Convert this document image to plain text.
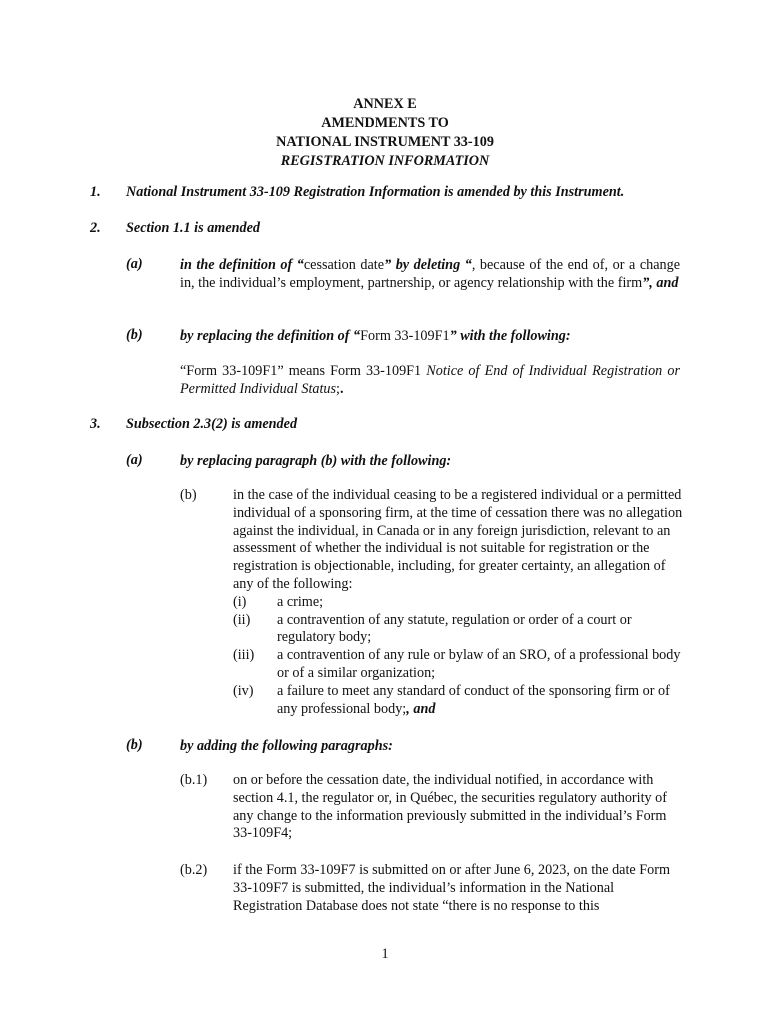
ANNEX E
AMENDMENTS TO
NATIONAL INSTRUMENT 33-109
REGISTRATION INFORMATION
1. National Instrument 33-109 Registration Information is amended by this Instrument.
2. Section 1.1 is amended
(a)	in the definition of “cessation date” by deleting “, because of the end of, or a change in, the individual’s employment, partnership, or agency relationship with the firm”, and
(b)	by replacing the definition of “Form 33-109F1” with the following:
“Form 33-109F1” means Form 33-109F1 Notice of End of Individual Registration or Permitted Individual Status;.
3. Subsection 2.3(2) is amended
(a)	by replacing paragraph (b) with the following:
(b)	in the case of the individual ceasing to be a registered individual or a permitted individual of a sponsoring firm, at the time of cessation there was no allegation against the individual, in Canada or in any foreign jurisdiction, relevant to an assessment of whether the individual is not suitable for registration or the registration is objectionable, including, for greater certainty, an allegation of any of the following:
(i)	a crime;
(ii)	a contravention of any statute, regulation or order of a court or regulatory body;
(iii)	a contravention of any rule or bylaw of an SRO, of a professional body or of a similar organization;
(iv)	a failure to meet any standard of conduct of the sponsoring firm or of any professional body;, and
(b)	by adding the following paragraphs:
(b.1) on or before the cessation date, the individual notified, in accordance with section 4.1, the regulator or, in Québec, the securities regulatory authority of any change to the information previously submitted in the individual’s Form 33-109F4;
(b.2) if the Form 33-109F7 is submitted on or after June 6, 2023, on the date Form 33-109F7 is submitted, the individual’s information in the National Registration Database does not state “there is no response to this
1
